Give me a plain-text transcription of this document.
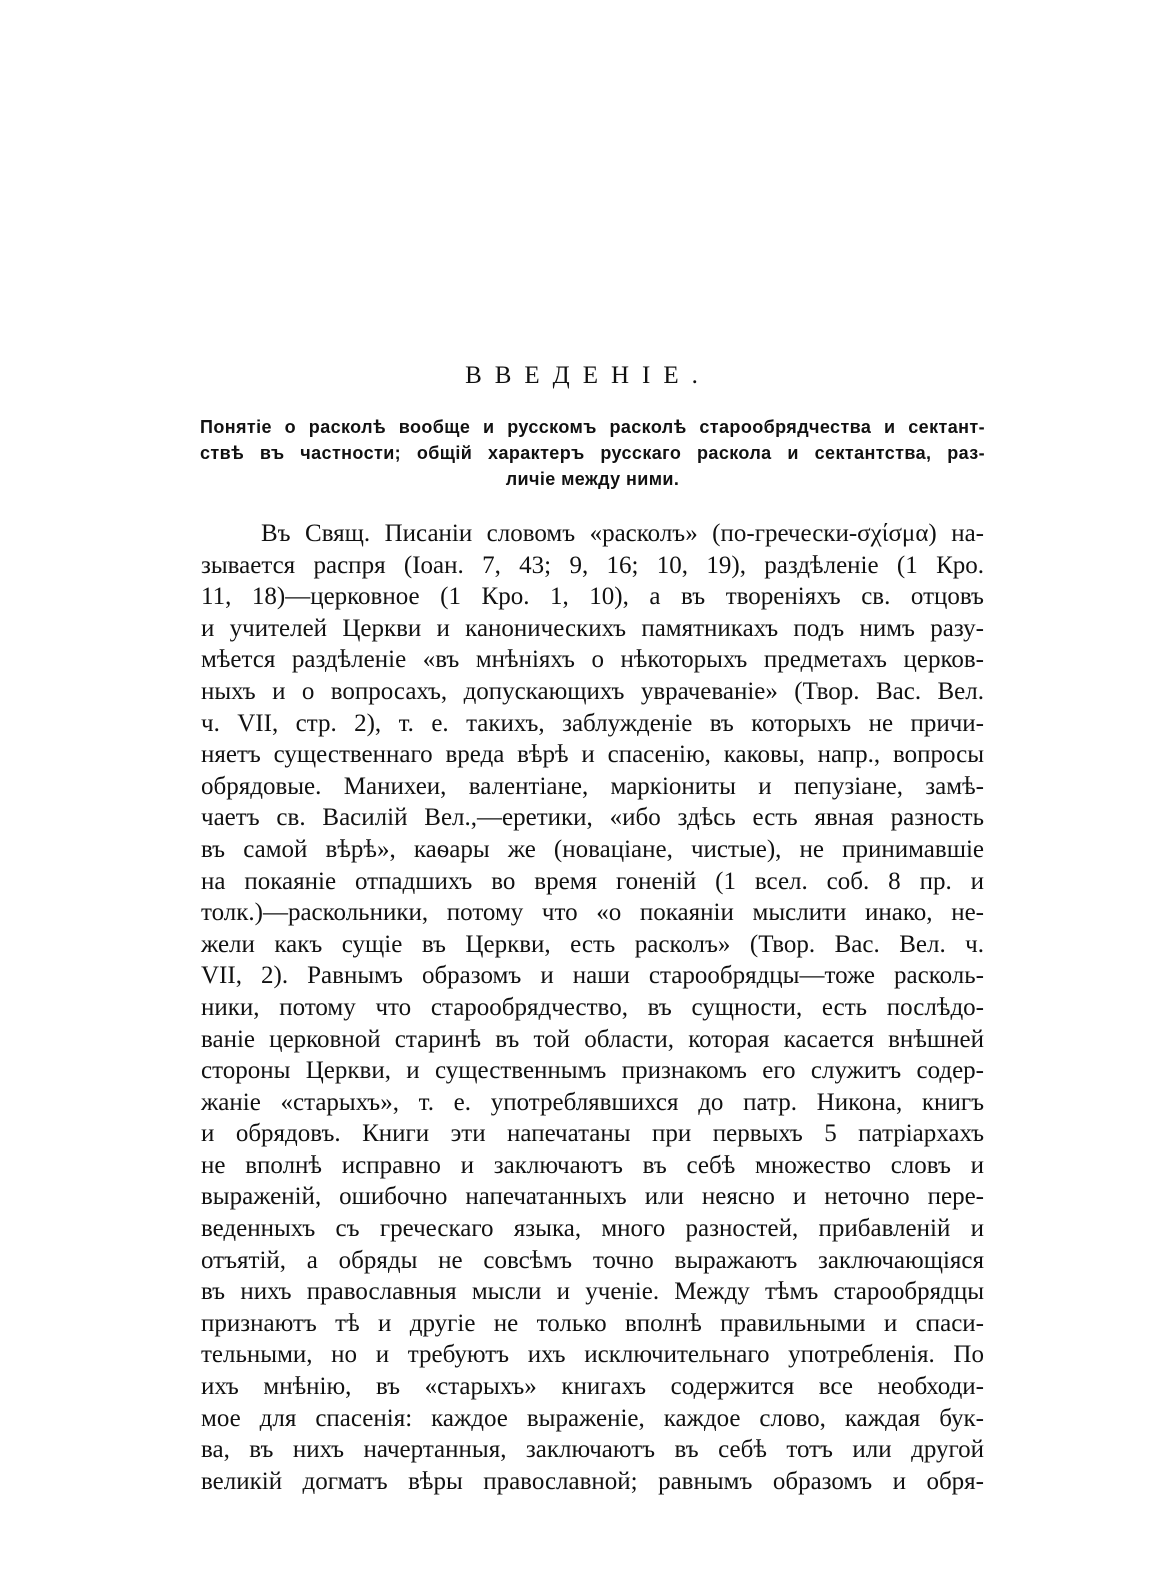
ВВЕДЕНІЕ.
Понятіе о расколѣ вообще и русскомъ расколѣ старообрядчества и сектант-
ствѣ въ частности; общій характеръ русскаго раскола и сектантства, раз-
личіе между ними.
Въ Свящ. Писаніи словомъ «расколъ» (по-гречески-σχίσμα) на-
зывается распря (Іоан. 7, 43; 9, 16; 10, 19), раздѣленіе (1 Кро.
11, 18)—церковное (1 Кро. 1, 10), а въ твореніяхъ св. отцовъ
и учителей Церкви и каноническихъ памятникахъ подъ нимъ разу-
мѣется раздѣленіе «въ мнѣніяхъ о нѣкоторыхъ предметахъ церков-
ныхъ и о вопросахъ, допускающихъ уврачеваніе» (Твор. Вас. Вел.
ч. VII, стр. 2), т. е. такихъ, заблужденіе въ которыхъ не причи-
няетъ существеннаго вреда вѣрѣ и спасенію, каковы, напр., вопросы
обрядовые. Манихеи, валентіане, маркіониты и пепузіане, замѣ-
чаетъ св. Василій Вел.,—еретики, «ибо здѣсь есть явная разность
въ самой вѣрѣ», каѳары же (новаціане, чистые), не принимавшіе
на покаяніе отпадшихъ во время гоненій (1 всел. соб. 8 пр. и
толк.)—раскольники, потому что «о покаяніи мыслити инако, не-
жели какъ сущіе въ Церкви, есть расколъ» (Твор. Вас. Вел. ч.
VII, 2). Равнымъ образомъ и наши старообрядцы—тоже расколь-
ники, потому что старообрядчество, въ сущности, есть послѣдо-
ваніе церковной старинѣ въ той области, которая касается внѣшней
стороны Церкви, и существеннымъ признакомъ его служитъ содер-
жаніе «старыхъ», т. е. употреблявшихся до патр. Никона, книгъ
и обрядовъ. Книги эти напечатаны при первыхъ 5 патріархахъ
не вполнѣ исправно и заключаютъ въ себѣ множество словъ и
выраженій, ошибочно напечатанныхъ или неясно и неточно пере-
веденныхъ съ греческаго языка, много разностей, прибавленій и
отъятій, а обряды не совсѣмъ точно выражаютъ заключающіяся
въ нихъ православныя мысли и ученіе. Между тѣмъ старообрядцы
признаютъ тѣ и другіе не только вполнѣ правильными и спаси-
тельными, но и требуютъ ихъ исключительнаго употребленія. По
ихъ мнѣнію, въ «старыхъ» книгахъ содержится все необходи-
мое для спасенія: каждое выраженіе, каждое слово, каждая бук-
ва, въ нихъ начертанныя, заключаютъ въ себѣ тотъ или другой
великій догматъ вѣры православной; равнымъ образомъ и обря-
